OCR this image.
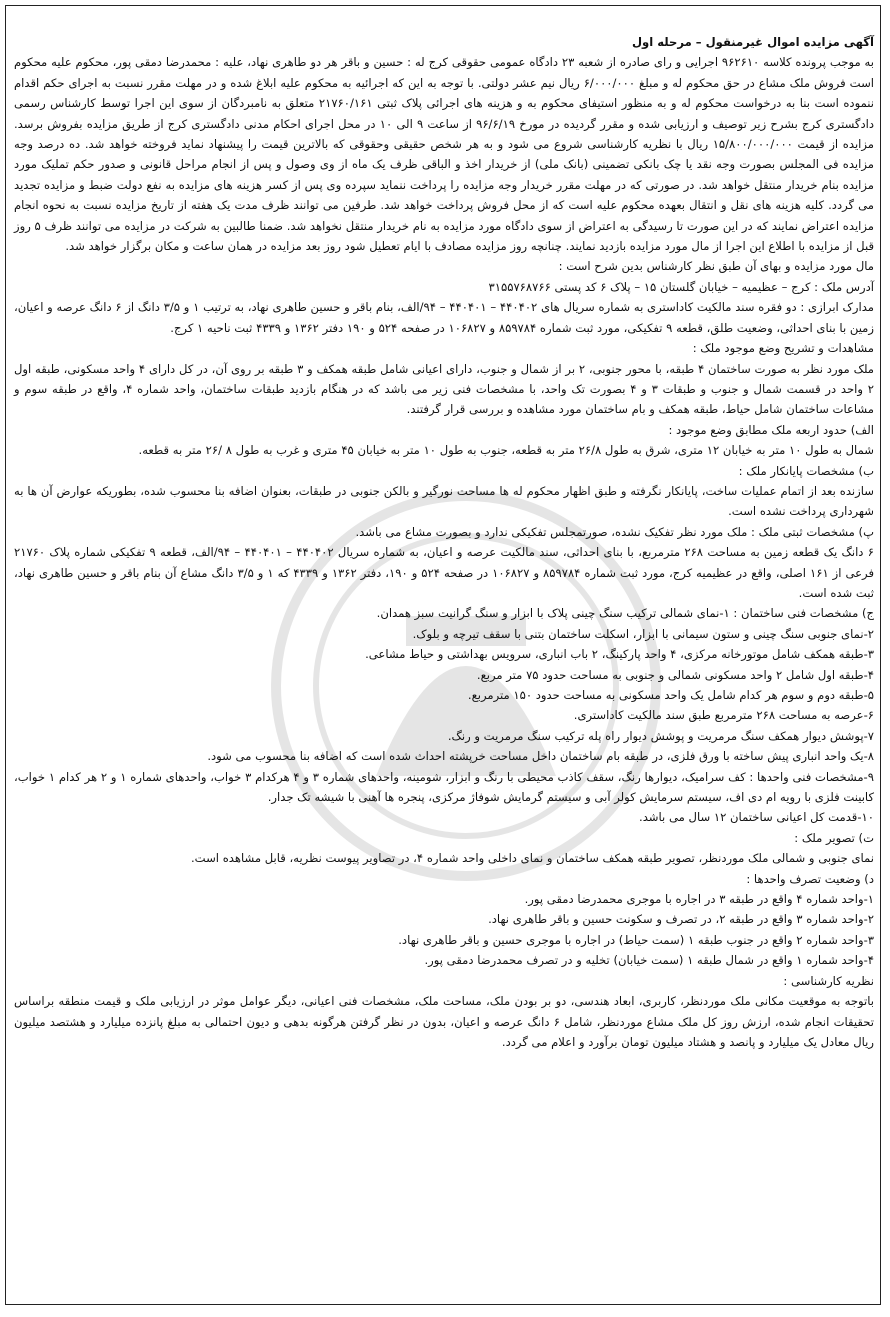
آگهی مزایده اموال غیرمنقول – مرحله اول

به موجب پرونده کلاسه ۹۶۲۶۱۰ اجرایی و رای صادره از شعبه ۲۳ دادگاه عمومی حقوقی کرج له : حسین و باقر هر دو طاهری نهاد، علیه : محمدرضا دمقی پور، محکوم علیه محکوم است فروش ملک مشاع در حق محکوم له و مبلغ ۶/۰۰۰/۰۰۰ ریال نیم عشر دولتی. با توجه به این که اجرائیه به محکوم علیه ابلاغ شده و در مهلت مقرر نسبت به اجرای حکم اقدام ننموده است بنا به درخواست محکوم له و به منظور استیفای محکوم به و هزینه های اجرائی پلاک ثبتی ۲۱۷۶۰/۱۶۱ متعلق به نامبردگان از سوی این اجرا توسط کارشناس رسمی دادگستری کرج بشرح زیر توصیف و ارزیابی شده و مقرر گردیده در مورخ ۹۶/۶/۱۹ از ساعت ۹ الی ۱۰ در محل اجرای احکام مدنی دادگستری کرج از طریق مزایده بفروش برسد. مزایده از قیمت ۱۵/۸۰۰/۰۰۰/۰۰۰ ریال با نظریه کارشناسی شروع می شود و به هر شخص حقیقی وحقوقی که بالاترین قیمت را پیشنهاد نماید فروخته خواهد شد. ده درصد وجه مزایده فی المجلس بصورت وجه نقد یا چک بانکی تضمینی (بانک ملی) از خریدار اخذ و الباقی ظرف یک ماه از وی وصول و پس از انجام مراحل قانونی و صدور حکم تملیک مورد مزایده بنام خریدار منتقل خواهد شد. در صورتی که در مهلت مقرر خریدار وجه مزایده را پرداخت ننماید سپرده وی پس از کسر هزینه های مزایده به نفع دولت ضبط و مزایده تجدید می گردد. کلیه هزینه های نقل و انتقال بعهده محکوم علیه است که از محل فروش پرداخت خواهد شد. طرفین می توانند ظرف مدت یک هفته از تاریخ مزایده نسبت به نحوه انجام مزایده اعتراض نمایند که در این صورت تا رسیدگی به اعتراض از سوی دادگاه مورد مزایده به نام خریدار منتقل نخواهد شد. ضمنا طالبین به شرکت در مزایده می توانند ظرف ۵ روز قبل از مزایده با اطلاع این اجرا از مال مورد مزایده بازدید نمایند. چنانچه روز مزایده مصادف با ایام تعطیل شود روز بعد مزایده در همان ساعت و مکان برگزار خواهد شد.

مال مورد مزایده و بهای آن طبق نظر کارشناس بدین شرح است :

آدرس ملک : کرج – عظیمیه – خیابان گلستان ۱۵ – پلاک ۶ کد پستی ۳۱۵۵۷۶۸۷۶۶

مدارک ابرازی : دو فقره سند مالکیت کاداستری به شماره سریال های ۴۴۰۴۰۲ – ۴۴۰۴۰۱ – ۹۴/الف، بنام باقر و حسین طاهری نهاد، به ترتیب ۱ و ۳/۵ دانگ از ۶ دانگ عرصه و اعیان، زمین با بنای احداثی، وضعیت طلق، قطعه ۹ تفکیکی، مورد ثبت شماره ۸۵۹۷۸۴ و ۱۰۶۸۲۷ در صفحه ۵۲۴ و ۱۹۰ دفتر ۱۳۶۲ و ۴۳۳۹ ثبت ناحیه ۱ کرج.

مشاهدات و تشریح وضع موجود ملک :

ملک مورد نظر به صورت ساختمان ۴ طبقه، با محور جنوبی، ۲ بر از شمال و جنوب، دارای اعیانی شامل طبقه همکف و ۳ طبقه بر روی آن، در کل دارای ۴ واحد مسکونی، طبقه اول ۲ واحد در قسمت شمال و جنوب و طبقات ۳ و ۴ بصورت تک واحد، با مشخصات فنی زیر می باشد که در هنگام بازدید طبقات ساختمان، واحد شماره ۴، واقع در طبقه سوم و مشاعات ساختمان شامل حیاط، طبقه همکف و بام ساختمان مورد مشاهده و بررسی قرار گرفتند.

الف) حدود اربعه ملک مطابق وضع موجود :

شمال به طول ۱۰ متر به خیابان ۱۲ متری، شرق به طول ۲۶/۸ متر به قطعه، جنوب به طول ۱۰ متر به خیابان ۴۵ متری و غرب به طول ۸ /۲۶ متر به قطعه.

ب) مشخصات پایانکار ملک :

سازنده بعد از اتمام عملیات ساخت، پایانکار نگرفته و طبق اظهار محکوم له ها مساحت نورگیر و بالکن جنوبی در طبقات، بعنوان اضافه بنا محسوب شده، بطوریکه عوارض آن ها به شهرداری پرداخت نشده است.

پ) مشخصات ثبتی ملک : ملک مورد نظر تفکیک نشده، صورتمجلس تفکیکی ندارد و بصورت مشاع می باشد.

۶ دانگ یک قطعه زمین به مساحت ۲۶۸ مترمربع، با بنای احداثی، سند مالکیت عرصه و اعیان، به شماره سریال ۴۴۰۴۰۲ – ۴۴۰۴۰۱ – ۹۴/الف، قطعه ۹ تفکیکی شماره پلاک ۲۱۷۶۰ فرعی از ۱۶۱ اصلی، واقع در عظیمیه کرج، مورد ثبت شماره ۸۵۹۷۸۴ و ۱۰۶۸۲۷ در صفحه ۵۲۴ و ۱۹۰، دفتر ۱۳۶۲ و ۴۳۳۹ که ۱ و ۳/۵ دانگ مشاع آن بنام باقر و حسین طاهری نهاد، ثبت شده است.

ج) مشخصات فنی ساختمان : ۱-نمای شمالی ترکیب سنگ چینی پلاک با ابزار و سنگ گرانیت سبز همدان.

۲-نمای جنوبی سنگ چینی و ستون سیمانی با ابزار، اسکلت ساختمان بتنی با سقف تیرچه و بلوک.

۳-طبقه همکف شامل موتورخانه مرکزی، ۴ واحد پارکینگ، ۲ باب انباری، سرویس بهداشتی و حیاط مشاعی.

۴-طبقه اول شامل ۲ واحد مسکونی شمالی و جنوبی به مساحت حدود ۷۵ متر مربع.

۵-طبقه دوم و سوم هر کدام شامل یک واحد مسکونی به مساحت حدود ۱۵۰ مترمربع.

۶-عرصه به مساحت ۲۶۸ مترمربع طبق سند مالکیت کاداستری.

۷-پوشش دیوار همکف سنگ مرمریت و پوشش دیوار راه پله ترکیب سنگ مرمریت و رنگ.

۸-یک واحد انباری پیش ساخته با ورق فلزی، در طبقه بام ساختمان داخل مساحت خرپشته احداث شده است که اضافه بنا محسوب می شود.

۹-مشخصات فنی واحدها : کف سرامیک، دیوارها رنگ، سقف کاذب محیطی با رنگ و ابزار، شومینه، واحدهای شماره ۳ و ۴ هرکدام ۳ خواب، واحدهای شماره ۱ و ۲ هر کدام ۱ خواب، کابینت فلزی با رویه ام دی اف، سیستم سرمایش کولر آبی و سیستم گرمایش شوفاژ مرکزی، پنجره ها آهنی با شیشه تک جدار.

۱۰-قدمت کل اعیانی ساختمان ۱۲ سال می باشد.

ت) تصویر ملک :

نمای جنوبی و شمالی ملک موردنظر، تصویر طبقه همکف ساختمان و نمای داخلی واحد شماره ۴، در تصاویر پیوست نظریه، قابل مشاهده است.

د) وضعیت تصرف واحدها :

۱-واحد شماره ۴ واقع در طبقه ۳ در اجاره با موجری محمدرضا دمقی پور.

۲-واحد شماره ۳ واقع در طبقه ۲، در تصرف و سکونت حسین و باقر طاهری نهاد.

۳-واحد شماره ۲ واقع در جنوب طبقه ۱ (سمت حیاط) در اجاره با موجری حسین و باقر طاهری نهاد.

۴-واحد شماره ۱ واقع در شمال طبقه ۱ (سمت خیابان) تخلیه و در تصرف محمدرضا دمقی پور.

نظریه کارشناسی :

باتوجه به موقعیت مکانی ملک موردنظر، کاربری، ابعاد هندسی، دو بر بودن ملک، مساحت ملک، مشخصات فنی اعیانی، دیگر عوامل موثر در ارزیابی ملک و قیمت منطقه براساس تحقیقات انجام شده، ارزش روز کل ملک مشاع موردنظر، شامل ۶ دانگ عرصه و اعیان، بدون در نظر گرفتن هرگونه بدهی و دیون احتمالی به مبلغ پانزده میلیارد و هشتصد میلیون ریال معادل یک میلیارد و پانصد و هشتاد میلیون تومان برآورد و اعلام می گردد.
